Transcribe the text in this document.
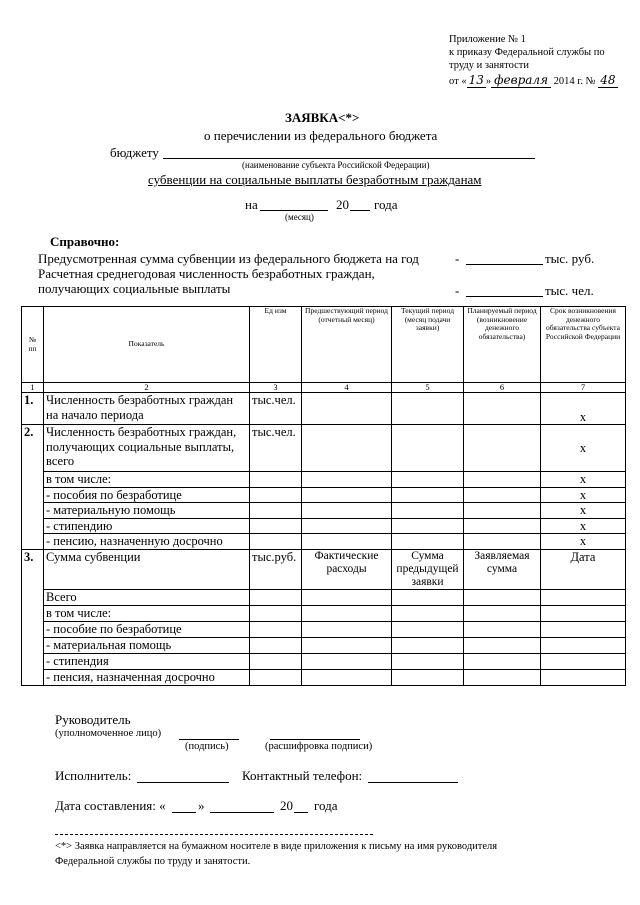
Приложение № 1
к приказу Федеральной службы по
труду и занятости
от « 13 » февраля 2014 г. № 48
ЗАЯВКА<*>
о перечислении из федерального бюджета
бюджету
(наименование субъекта Российской Федерации)
субвенции на социальные выплаты безработным гражданам
на	20 года
(месяц)
Справочно:
Предусмотренная сумма субвенции из федерального бюджета на год	-	тыс. руб.
Расчетная среднегодовая численность безработных граждан,
получающих социальные выплаты	-	тыс. чел.
№ пп	Показатель	Ед изм	Предшествующий период (отчетный месяц)	Текущий период (месяц подачи заявки)	Планируемый период (возникновение денежного обязательства)	Срок возникновения денежного обязательства субъекта Российской Федерации
1	2	3	4	5	6	7
1.	Численность безработных граждан на начало периода	тыс.чел.				х
2.	Численность безработных граждан, получающих социальные выплаты, всего	тыс.чел.				х
	в том числе:					х
	- пособия по безработице					х
	- материальную помощь					х
	- стипендию					х
	- пенсию, назначенную досрочно					х
3.	Сумма субвенции	тыс.руб.	Фактические расходы	Сумма предыдущей заявки	Заявляемая сумма	Дата
	Всего					
	в том числе:					
	- пособие по безработице					
	- материальная помощь					
	- стипендия					
	- пенсия, назначенная досрочно					
Руководитель
(уполномоченное лицо)
(подпись)	(расшифровка подписи)
Исполнитель:	Контактный телефон:
Дата составления: « »	20 года
<*> Заявка направляется на бумажном носителе в виде приложения к письму на имя руководителя
Федеральной службы по труду и занятости.
